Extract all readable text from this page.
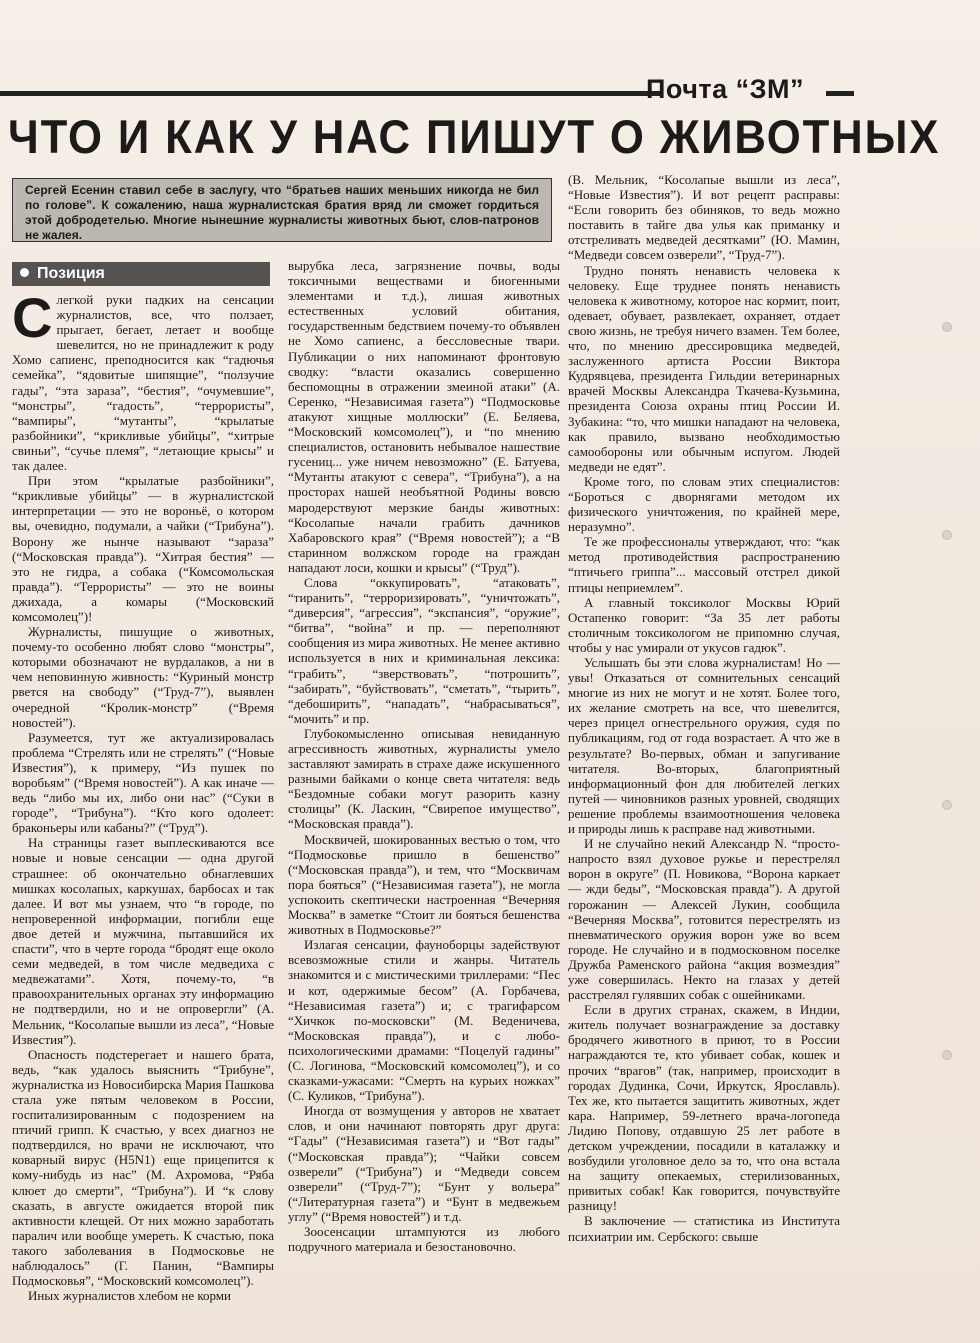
Почта “ЗМ”
ЧТО И КАК У НАС ПИШУТ О ЖИВОТНЫХ
Сергей Есенин ставил себе в заслугу, что “братьев наших меньших никогда не бил по голове”. К сожалению, наша журналистская братия вряд ли сможет гордиться этой добродетелью. Многие нынешние журналисты животных бьют, слов-патронов не жалея.
Позиция
С легкой руки падких на сенсации журналистов, все, что ползает, прыгает, бегает, летает и вообще шевелится, но не принадлежит к роду Хомо сапиенс, преподносится как “гадючья семейка”, “ядовитые шипящие”, “ползучие гады”, “эта зараза”, “бестия”, “очумевшие”, “монстры”, “гадость”, “террористы”, “вампиры”, “мутанты”, “крылатые разбойники”, “крикливые убийцы”, “хитрые свиньи”, “сучье племя”, “летающие крысы” и так далее.

При этом “крылатые разбойники”, “крикливые убийцы” — в журналистской интерпретации — это не вороньё, о котором вы, очевидно, подумали, а чайки (“Трибуна”). Ворону же нынче называют “зараза” (“Московская правда”). “Хитрая бестия” — это не гидра, а собака (“Комсомольская правда”). “Террористы” — это не воины джихада, а комары (“Московский комсомолец”)!

Журналисты, пишущие о животных, почему-то особенно любят слово “монстры”, которыми обозначают не вурдалаков, а ни в чем неповинную живность: “Куриный монстр рвется на свободу” (“Труд-7”), выявлен очередной “Кролик-монстр” (“Время новостей”).

Разумеется, тут же актуализировалась проблема “Стрелять или не стрелять” (“Новые Известия”), к примеру, “Из пушек по воробьям” (“Время новостей”). А как иначе — ведь “либо мы их, либо они нас” (“Суки в городе”, “Трибуна”). “Кто кого одолеет: браконьеры или кабаны?” (“Труд”).

На страницы газет выплескиваются все новые и новые сенсации — одна другой страшнее: об окончательно обнаглевших мишках косолапых, каркушах, барбосах и так далее. И вот мы узнаем, что “в городе, по непроверенной информации, погибли еще двое детей и мужчина, пытавшийся их спасти”, что в черте города “бродят еще около семи медведей, в том числе медведиха с медвежатами”. Хотя, почему-то, “в правоохранительных органах эту информацию не подтвердили, но и не опровергли” (А. Мельник, “Косолапые вышли из леса”, “Новые Известия”).

Опасность подстерегает и нашего брата, ведь, “как удалось выяснить “Трибуне”, журналистка из Новосибирска Мария Пашкова стала уже пятым человеком в России, госпитализированным с подозрением на птичий грипп. К счастью, у всех диагноз не подтвердился, но врачи не исключают, что коварный вирус (H5N1) еще прицепится к кому-нибудь из нас” (М. Ахромова, “Ряба клюет до смерти”, “Трибуна”). И “к слову сказать, в августе ожидается второй пик активности клещей. От них можно заработать паралич или вообще умереть. К счастью, пока такого заболевания в Подмосковье не наблюдалось” (Г. Панин, “Вампиры Подмосковья”, “Московский комсомолец”).

Иных журналистов хлебом не корми

вырубка леса, загрязнение почвы, воды токсичными веществами и биогенными элементами и т.д.), лишая животных естественных условий обитания, государственным бедствием почему-то объявлен не Хомо сапиенс, а бессловесные твари. Публикации о них напоминают фронтовую сводку: “власти оказались совершенно беспомощны в отражении змеиной атаки” (А. Серенко, “Независимая газета”) “Подмосковье атакуют хищные моллюски” (Е. Беляева, “Московский комсомолец”), и “по мнению специалистов, остановить небывалое нашествие гусениц... уже ничем невозможно” (Е. Батуева, “Мутанты атакуют с севера”, “Трибуна”), а на просторах нашей необъятной Родины вовсю мародерствуют мерзкие банды животных: “Косолапые начали грабить дачников Хабаровского края” (“Время новостей”); а “В старинном волжском городе на граждан нападают лоси, кошки и крысы” (“Труд”).

Слова “оккупировать”, “атаковать”, “тиранить”, “терроризировать”, “уничтожать”, “диверсия”, “агрессия”, “экспансия”, “оружие”, “битва”, “война” и пр. — переполняют сообщения из мира животных. Не менее активно используется в них и криминальная лексика: “грабить”, “зверствовать”, “потрошить”, “забирать”, “буйствовать”, “сметать”, “тырить”, “дебоширить”, “нападать”, “набрасываться”, “мочить” и пр.

Глубокомысленно описывая невиданную агрессивность животных, журналисты умело заставляют замирать в страхе даже искушенного разными байками о конце света читателя: ведь “Бездомные собаки могут разорить казну столицы” (К. Ласкин, “Свирепое имущество”, “Московская правда”).

Москвичей, шокированных вестью о том, что “Подмосковье пришло в бешенство” (“Московская правда”), и тем, что “Москвичам пора бояться” (“Независимая газета”), не могла успокоить скептически настроенная “Вечерняя Москва” в заметке “Стоит ли бояться бешенства животных в Подмосковье?”

Излагая сенсации, фауноборцы задействуют всевозможные стили и жанры. Читатель знакомится и с мистическими триллерами: “Пес и кот, одержимые бесом” (А. Горбачева, “Независимая газета”) и; с трагифарсом “Хичкок по-московски” (М. Веденичева, “Московская правда”), и с любо-психологическими драмами: “Поцелуй гадины” (С. Логинова, “Московский комсомолец”), и со сказками-ужасами: “Смерть на курьих ножках” (С. Куликов, “Трибуна”).

Иногда от возмущения у авторов не хватает слов, и они начинают повторять друг друга: “Гады” (“Независимая газета”) и “Вот гады” (“Московская правда”); “Чайки совсем озверели” (“Трибуна”) и “Медведи совсем озверели” (“Труд-7”); “Бунт у вольера” (“Литературная газета”) и “Бунт в медвежьем углу” (“Время новостей”) и т.д.

Зоосенсации штампуются из любого подручного материала и безостановочно.

(В. Мельник, “Косолапые вышли из леса”, “Новые Известия”). И вот рецепт расправы: “Если говорить без обиняков, то ведь можно поставить в тайге два улья как приманку и отстреливать медведей десятками” (Ю. Мамин, “Медведи совсем озверели”, “Труд-7”).

Трудно понять ненависть человека к человеку. Еще труднее понять ненависть человека к животному, которое нас кормит, поит, одевает, обувает, развлекает, охраняет, отдает свою жизнь, не требуя ничего взамен. Тем более, что, по мнению дрессировщика медведей, заслуженного артиста России Виктора Кудрявцева, президента Гильдии ветеринарных врачей Москвы Александра Ткачева-Кузьмина, президента Союза охраны птиц России И. Зубакина: “то, что мишки нападают на человека, как правило, вызвано необходимостью самообороны или обычным испугом. Людей медведи не едят”.

Кроме того, по словам этих специалистов: “Бороться с дворнягами методом их физического уничтожения, по крайней мере, неразумно”.

Те же профессионалы утверждают, что: “как метод противодействия распространению “птичьего гриппа”... массовый отстрел дикой птицы неприемлем”.

А главный токсиколог Москвы Юрий Остапенко говорит: “За 35 лет работы столичным токсикологом не припомню случая, чтобы у нас умирали от укусов гадюк”.

Услышать бы эти слова журналистам! Но — увы! Отказаться от сомнительных сенсаций многие из них не могут и не хотят. Более того, их желание смотреть на все, что шевелится, через прицел огнестрельного оружия, судя по публикациям, год от года возрастает. А что же в результате? Во-первых, обман и запугивание читателя. Во-вторых, благоприятный информационный фон для любителей легких путей — чиновников разных уровней, сводящих решение проблемы взаимоотношения человека и природы лишь к расправе над животными.

И не случайно некий Александр N. “просто-напросто взял духовое ружье и перестрелял ворон в округе” (П. Новикова, “Ворона каркает — жди беды”, “Московская правда”). А другой горожанин — Алексей Лукин, сообщила “Вечерняя Москва”, готовится перестрелять из пневматического оружия ворон уже во всем городе. Не случайно и в подмосковном поселке Дружба Раменского района “акция возмездия” уже совершилась. Некто на глазах у детей расстрелял гулявших собак с ошейниками.

Если в других странах, скажем, в Индии, житель получает вознаграждение за доставку бродячего животного в приют, то в России награждаются те, кто убивает собак, кошек и прочих “врагов” (так, например, происходит в городах Дудинка, Сочи, Иркутск, Ярославль). Тех же, кто пытается защитить животных, ждет кара. Например, 59-летнего врача-логопеда Лидию Попову, отдавшую 25 лет работе в детском учреждении, посадили в каталажку и возбудили уголовное дело за то, что она встала на защиту опекаемых, стерилизованных, привитых собак! Как говорится, почувствуйте разницу!

В заключение — статистика из Института психиатрии им. Сербского: свыше
